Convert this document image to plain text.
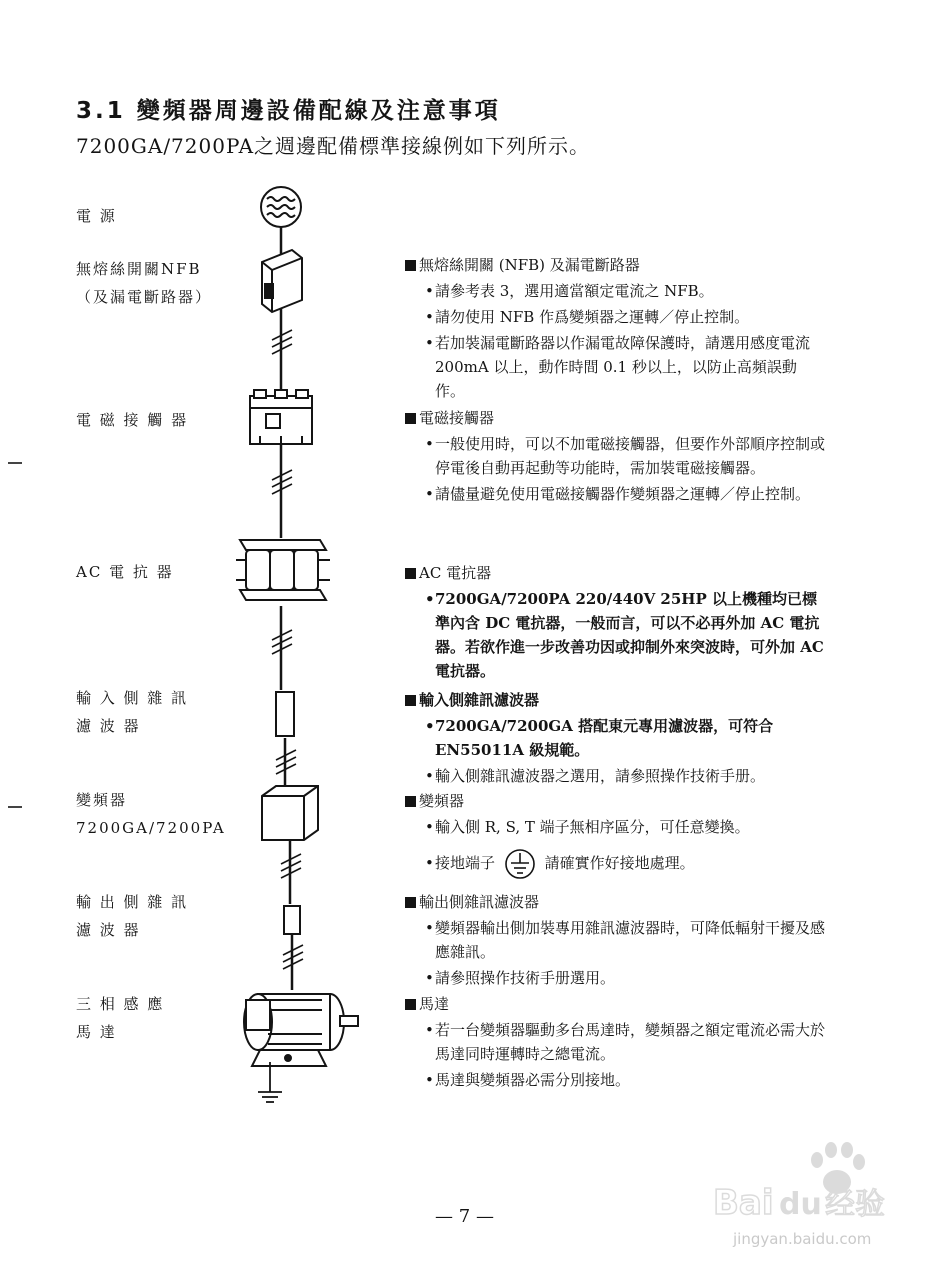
3.1 變頻器周邊設備配線及注意事項
7200GA/7200PA之週邊配備標準接線例如下列所示。
電 源
無熔絲開關NFB
（及漏電斷路器）
電 磁 接 觸 器
AC 電 抗 器
輸 入 側 雜 訊
濾 波 器
變頻器
7200GA/7200PA
輸 出 側 雜 訊
濾 波 器
三 相 感 應
馬 達
無熔絲開關 (NFB) 及漏電斷路器
• 請參考表 3，選用適當額定電流之 NFB。
• 請勿使用 NFB 作爲變頻器之運轉／停止控制。
• 若加裝漏電斷路器以作漏電故障保護時，請選用感度電流 200mA 以上，動作時間 0.1 秒以上，以防止高頻誤動作。
電磁接觸器
• 一般使用時，可以不加電磁接觸器，但要作外部順序控制或停電後自動再起動等功能時，需加裝電磁接觸器。
• 請儘量避免使用電磁接觸器作變頻器之運轉／停止控制。
AC 電抗器
• 7200GA/7200PA 220/440V 25HP 以上機種均已標準內含 DC 電抗器，一般而言，可以不必再外加 AC 電抗器。若欲作進一步改善功因或抑制外來突波時，可外加 AC 電抗器。
輸入側雜訊濾波器
• 7200GA/7200GA 搭配東元專用濾波器，可符合 EN55011A 級規範。
• 輸入側雜訊濾波器之選用，請參照操作技術手册。
變頻器
• 輸入側 R, S, T 端子無相序區分，可任意變換。
• 接地端子	請確實作好接地處理。
輸出側雜訊濾波器
• 變頻器輸出側加裝專用雜訊濾波器時，可降低輻射干擾及感應雜訊。
• 請參照操作技術手册選用。
馬達
• 若一台變頻器驅動多台馬達時，變頻器之額定電流必需大於馬達同時運轉時之總電流。
• 馬達與變頻器必需分別接地。
— 7 —	Bai du 经验
jingyan.baidu.com
